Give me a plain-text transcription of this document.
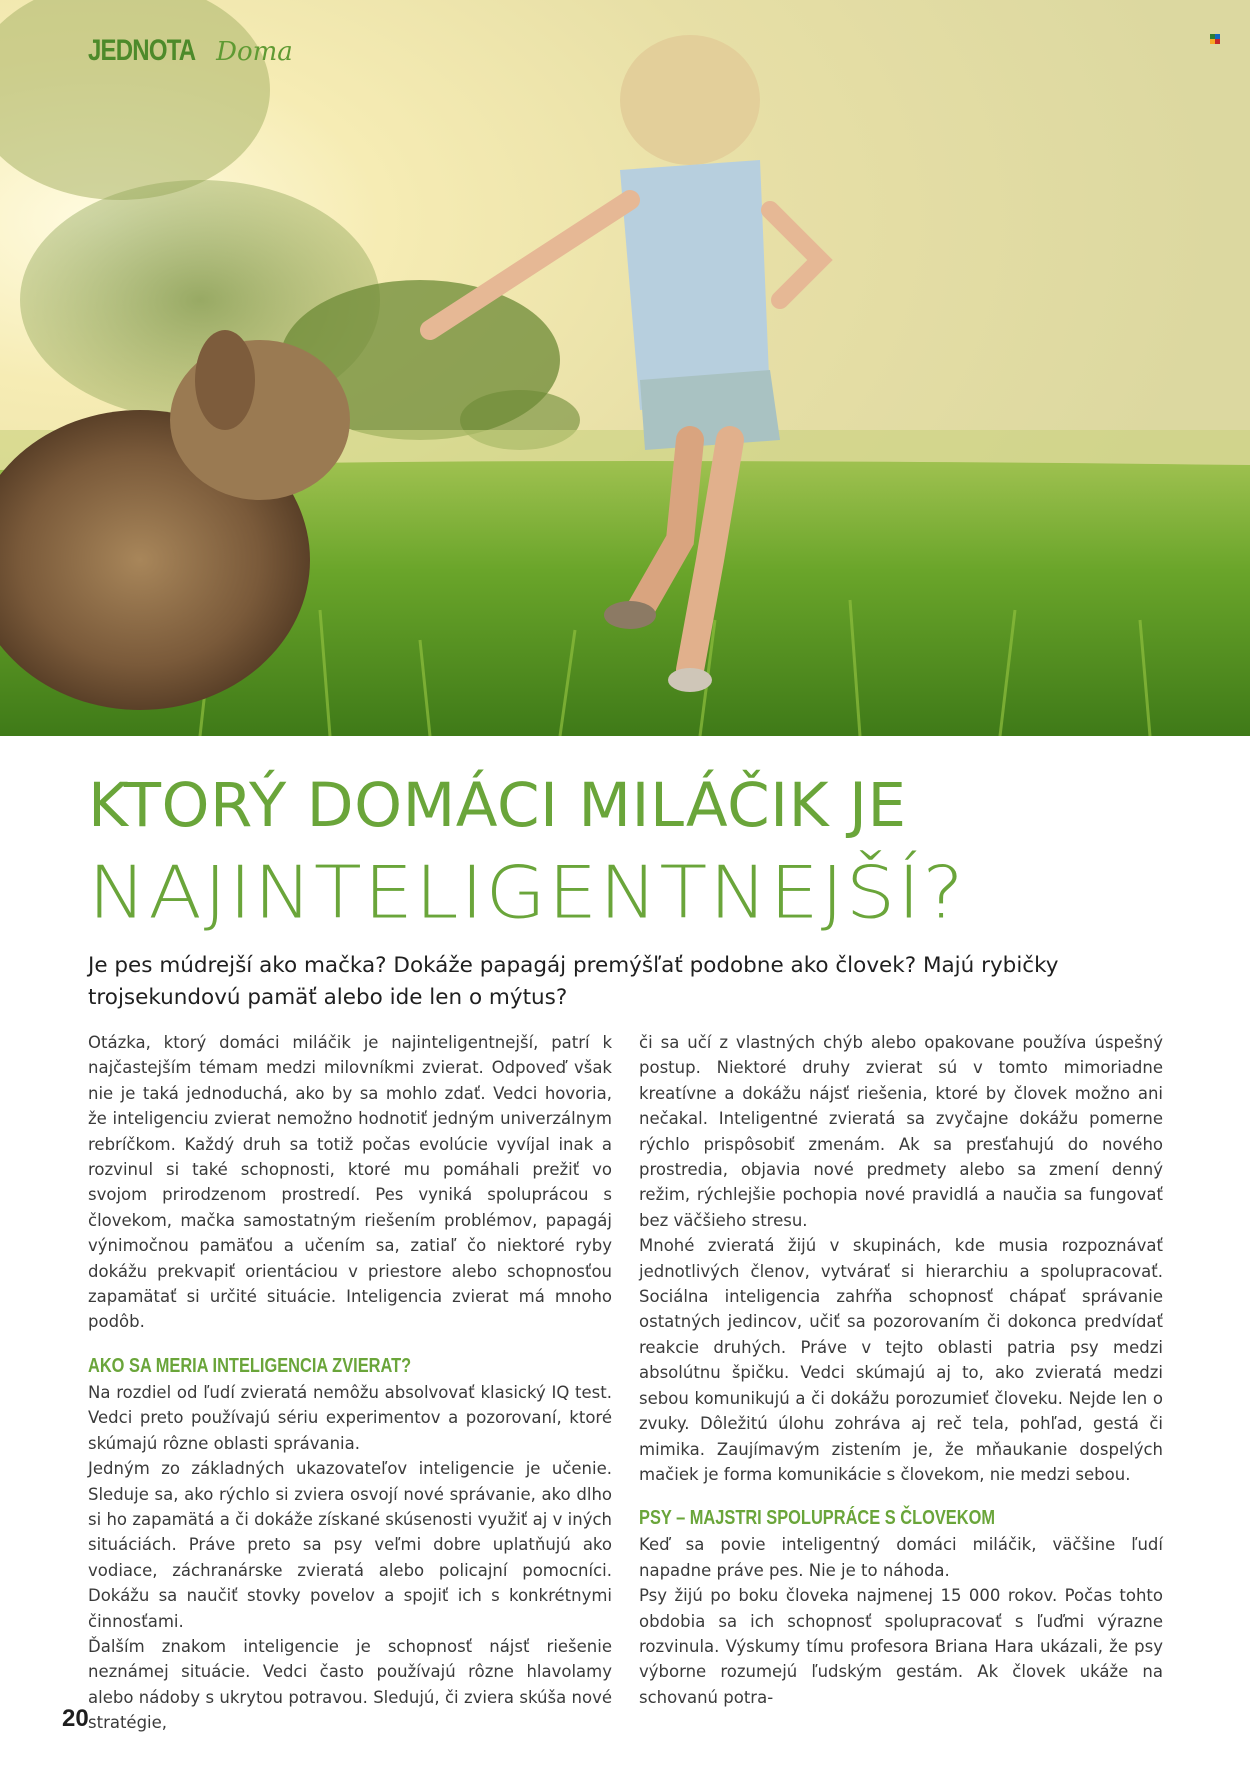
JEDNOTA Doma
KTORÝ DOMÁCI MILÁČIK JE
NAJINTELIGENTNEJŠÍ?

Je pes múdrejší ako mačka? Dokáže papagáj premýšľať podobne ako človek? Majú rybičky trojsekundovú pamäť alebo ide len o mýtus?

Otázka, ktorý domáci miláčik je najinteligentnejší, patrí k najčastejším témam medzi milovníkmi zvierat. Odpoveď však nie je taká jednoduchá, ako by sa mohlo zdať. Vedci hovoria, že inteligenciu zvierat nemožno hodnotiť jedným univerzálnym rebríčkom. Každý druh sa totiž počas evolúcie vyvíjal inak a rozvinul si také schopnosti, ktoré mu pomáhali prežiť vo svojom prirodzenom prostredí. Pes vyniká spoluprácou s človekom, mačka samostatným riešením problémov, papagáj výnimočnou pamäťou a učením sa, zatiaľ čo niektoré ryby dokážu prekvapiť orientáciou v priestore alebo schopnosťou zapamätať si určité situácie. Inteligencia zvierat má mnoho podôb.

AKO SA MERIA INTELIGENCIA ZVIERAT?

Na rozdiel od ľudí zvieratá nemôžu absolvovať klasický IQ test. Vedci preto používajú sériu experimentov a pozorovaní, ktoré skúmajú rôzne oblasti správania.

Jedným zo základných ukazovateľov inteligencie je učenie. Sleduje sa, ako rýchlo si zviera osvojí nové správanie, ako dlho si ho zapamätá a či dokáže získané skúsenosti využiť aj v iných situáciách. Práve preto sa psy veľmi dobre uplatňujú ako vodiace, záchranárske zvieratá alebo policajní pomocníci. Dokážu sa naučiť stovky povelov a spojiť ich s konkrétnymi činnosťami.

Ďalším znakom inteligencie je schopnosť nájsť riešenie neznámej situácie. Vedci často používajú rôzne hlavolamy alebo nádoby s ukrytou potravou. Sledujú, či zviera skúša nové stratégie,

či sa učí z vlastných chýb alebo opakovane používa úspešný postup. Niektoré druhy zvierat sú v tomto mimoriadne kreatívne a dokážu nájsť riešenia, ktoré by človek možno ani nečakal. Inteligentné zvieratá sa zvyčajne dokážu pomerne rýchlo prispôsobiť zmenám. Ak sa presťahujú do nového prostredia, objavia nové predmety alebo sa zmení denný režim, rýchlejšie pochopia nové pravidlá a naučia sa fungovať bez väčšieho stresu.

Mnohé zvieratá žijú v skupinách, kde musia rozpoznávať jednotlivých členov, vytvárať si hierarchiu a spolupracovať. Sociálna inteligencia zahŕňa schopnosť chápať správanie ostatných jedincov, učiť sa pozorovaním či dokonca predvídať reakcie druhých. Práve v tejto oblasti patria psy medzi absolútnu špičku. Vedci skúmajú aj to, ako zvieratá medzi sebou komunikujú a či dokážu porozumieť človeku. Nejde len o zvuky. Dôležitú úlohu zohráva aj reč tela, pohľad, gestá či mimika. Zaujímavým zistením je, že mňaukanie dospelých mačiek je forma komunikácie s človekom, nie medzi sebou.

PSY – MAJSTRI SPOLUPRÁCE S ČLOVEKOM

Keď sa povie inteligentný domáci miláčik, väčšine ľudí napadne práve pes. Nie je to náhoda.

Psy žijú po boku človeka najmenej 15 000 rokov. Počas tohto obdobia sa ich schopnosť spolupracovať s ľuďmi výrazne rozvinula. Výskumy tímu profesora Briana Hara ukázali, že psy výborne rozumejú ľudským gestám. Ak človek ukáže na schovanú potra-

20
